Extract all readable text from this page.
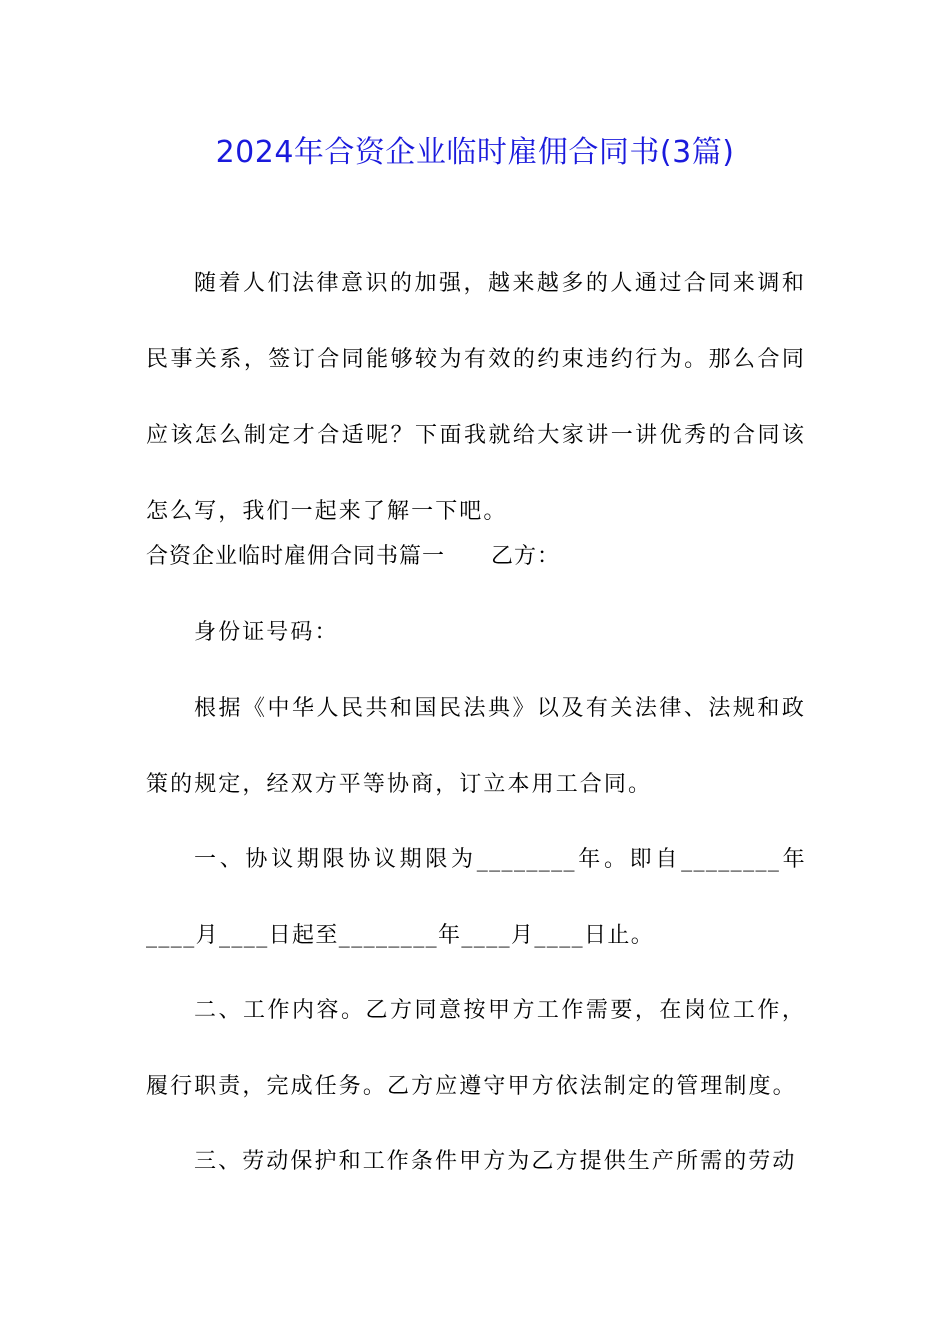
2024年合资企业临时雇佣合同书(3篇)

随着人们法律意识的加强，越来越多的人通过合同来调和民事关系，签订合同能够较为有效的约束违约行为。那么合同应该怎么制定才合适呢？下面我就给大家讲一讲优秀的合同该怎么写，我们一起来了解一下吧。

合资企业临时雇佣合同书篇一　　乙方：

身份证号码：

根据《中华人民共和国民法典》以及有关法律、法规和政策的规定，经双方平等协商，订立本用工合同。

一、协议期限协议期限为________年。即自________年____月____日起至________年____月____日止。

二、工作内容。乙方同意按甲方工作需要，在岗位工作，履行职责，完成任务。乙方应遵守甲方依法制定的管理制度。

三、劳动保护和工作条件甲方为乙方提供生产所需的劳动
